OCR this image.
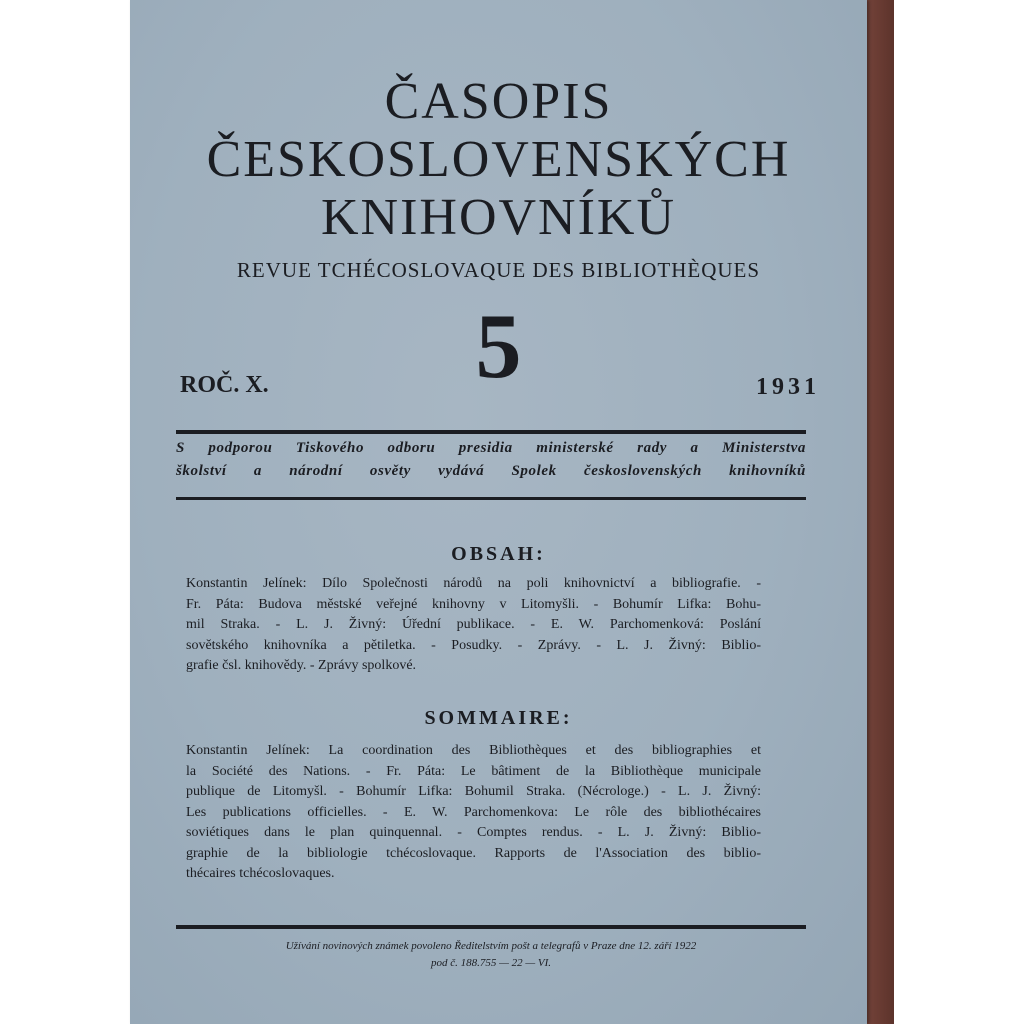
ČASOPIS
ČESKOSLOVENSKÝCH
KNIHOVNÍKŮ
REVUE TCHÉCOSLOVAQUE DES BIBLIOTHÈQUES
ROČ. X.	5	1931
S podporou Tiskového odboru presidia ministerské rady a Ministerstva
školství a národní osvěty vydává Spolek československých knihovníků
OBSAH:
Konstantin Jelínek: Dílo Společnosti národů na poli knihovnictví a bibliografie. -
Fr. Páta: Budova městské veřejné knihovny v Litomyšli. - Bohumír Lifka: Bohu-
mil Straka. - L. J. Živný: Úřední publikace. - E. W. Parchomenková: Poslání
sovětského knihovníka a pětiletka. - Posudky. - Zprávy. - L. J. Živný: Biblio-
grafie čsl. knihovědy. - Zprávy spolkové.
SOMMAIRE:
Konstantin Jelínek: La coordination des Bibliothèques et des bibliographies et
la Société des Nations. - Fr. Páta: Le bâtiment de la Bibliothèque municipale
publique de Litomyšl. - Bohumír Lifka: Bohumil Straka. (Nécrologe.) - L. J. Živný:
Les publications officielles. - E. W. Parchomenkova: Le rôle des bibliothécaires
soviétiques dans le plan quinquennal. - Comptes rendus. - L. J. Živný: Biblio-
graphie de la bibliologie tchécoslovaque. Rapports de l'Association des biblio-
thécaires tchécoslovaques.
Užívání novinových známek povoleno Ředitelstvím pošt a telegrafů v Praze dne 12. září 1922
pod č. 188.755 — 22 — VI.
